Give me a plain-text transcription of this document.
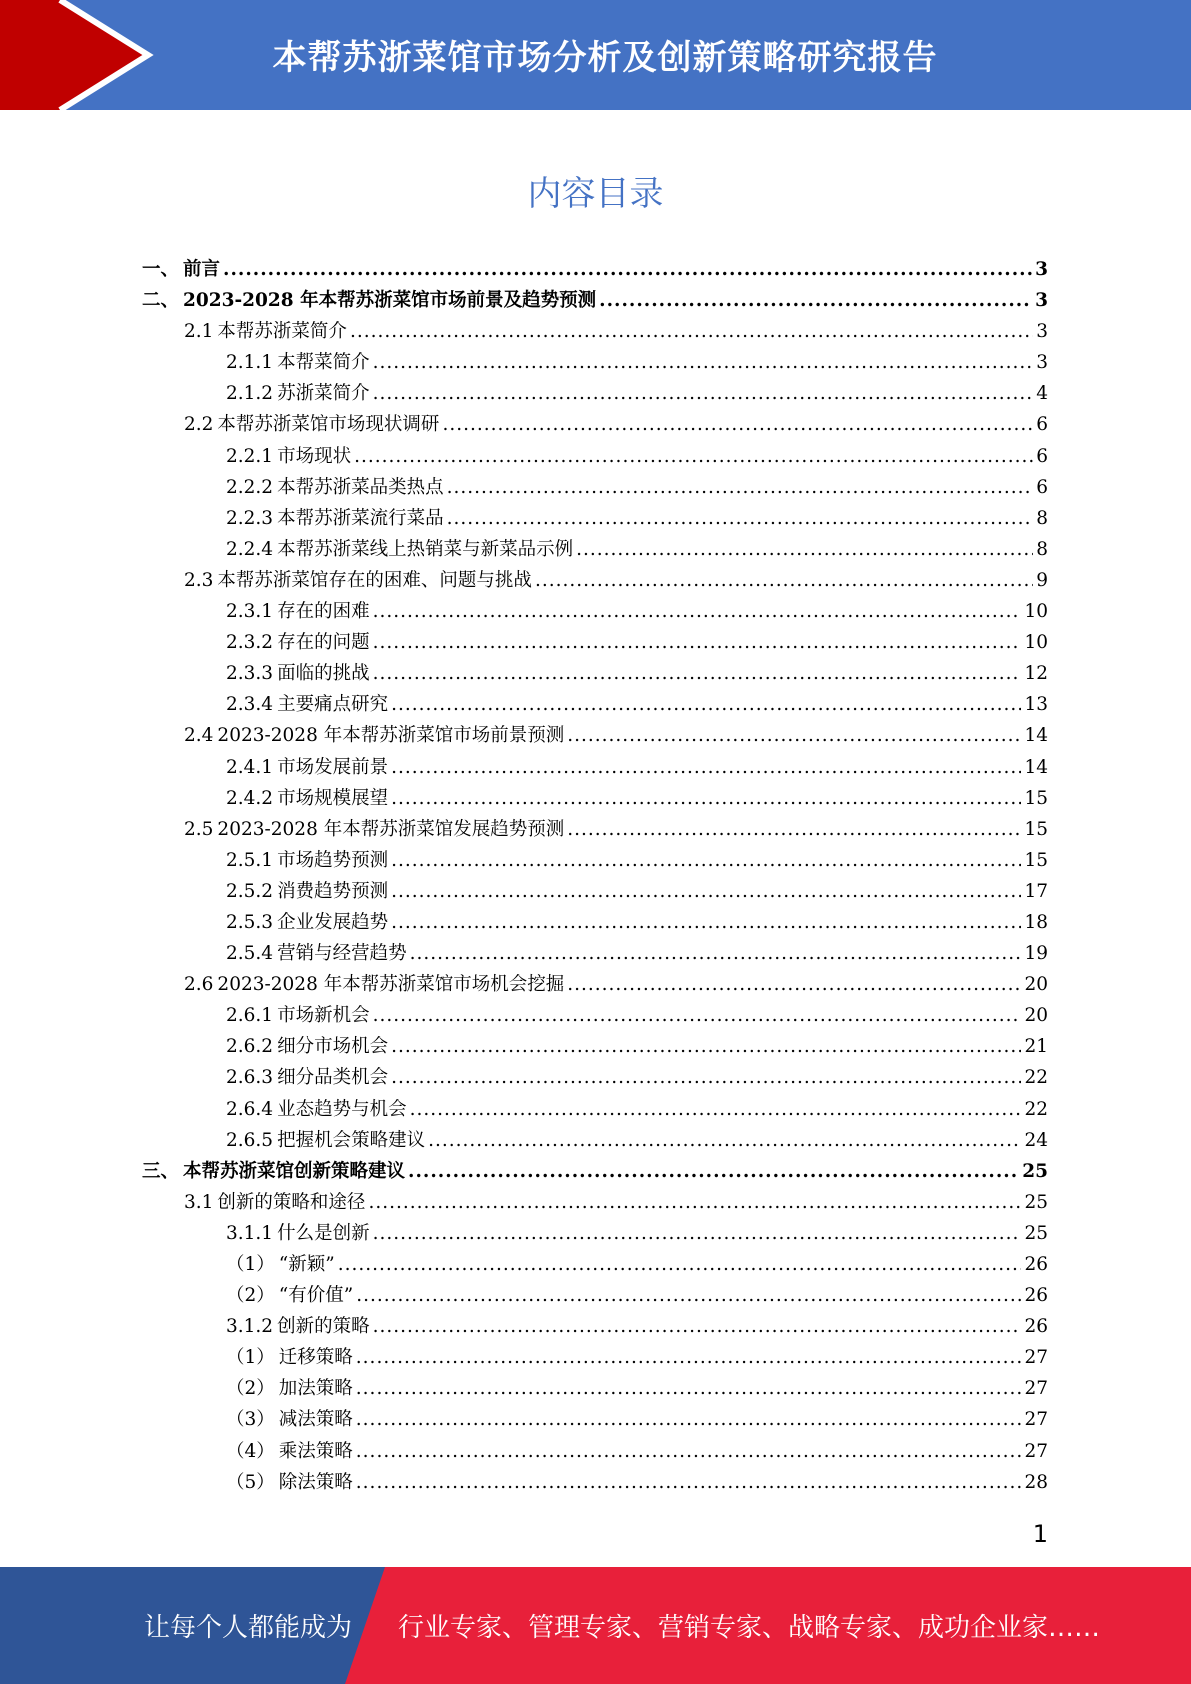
本帮苏浙菜馆市场分析及创新策略研究报告
内容目录
一、 前言 .....	3
二、 2023-2028 年本帮苏浙菜馆市场前景及趋势预测 .....	3
2.1 本帮苏浙菜简介 .....	3
2.1.1 本帮菜简介 .....	3
2.1.2 苏浙菜简介 .....	4
2.2 本帮苏浙菜馆市场现状调研 .....	6
2.2.1 市场现状 .....	6
2.2.2 本帮苏浙菜品类热点 .....	6
2.2.3 本帮苏浙菜流行菜品 .....	8
2.2.4 本帮苏浙菜线上热销菜与新菜品示例 .....	8
2.3 本帮苏浙菜馆存在的困难、问题与挑战 .....	9
2.3.1 存在的困难 .....	10
2.3.2 存在的问题 .....	10
2.3.3 面临的挑战 .....	12
2.3.4 主要痛点研究 .....	13
2.4 2023-2028 年本帮苏浙菜馆市场前景预测 .....	14
2.4.1 市场发展前景 .....	14
2.4.2 市场规模展望 .....	15
2.5 2023-2028 年本帮苏浙菜馆发展趋势预测 .....	15
2.5.1 市场趋势预测 .....	15
2.5.2 消费趋势预测 .....	17
2.5.3 企业发展趋势 .....	18
2.5.4 营销与经营趋势 .....	19
2.6 2023-2028 年本帮苏浙菜馆市场机会挖掘 .....	20
2.6.1 市场新机会 .....	20
2.6.2 细分市场机会 .....	21
2.6.3 细分品类机会 .....	22
2.6.4 业态趋势与机会 .....	22
2.6.5 把握机会策略建议 .....	24
三、 本帮苏浙菜馆创新策略建议 .....	25
3.1 创新的策略和途径 .....	25
3.1.1 什么是创新 .....	25
（1） “新颖” .....	26
（2） “有价值” .....	26
3.1.2 创新的策略 .....	26
（1） 迁移策略 .....	27
（2） 加法策略 .....	27
（3） 减法策略 .....	27
（4） 乘法策略 .....	27
（5） 除法策略 .....	28
1
让每个人都能成为 行业专家、管理专家、营销专家、战略专家、成功企业家……
